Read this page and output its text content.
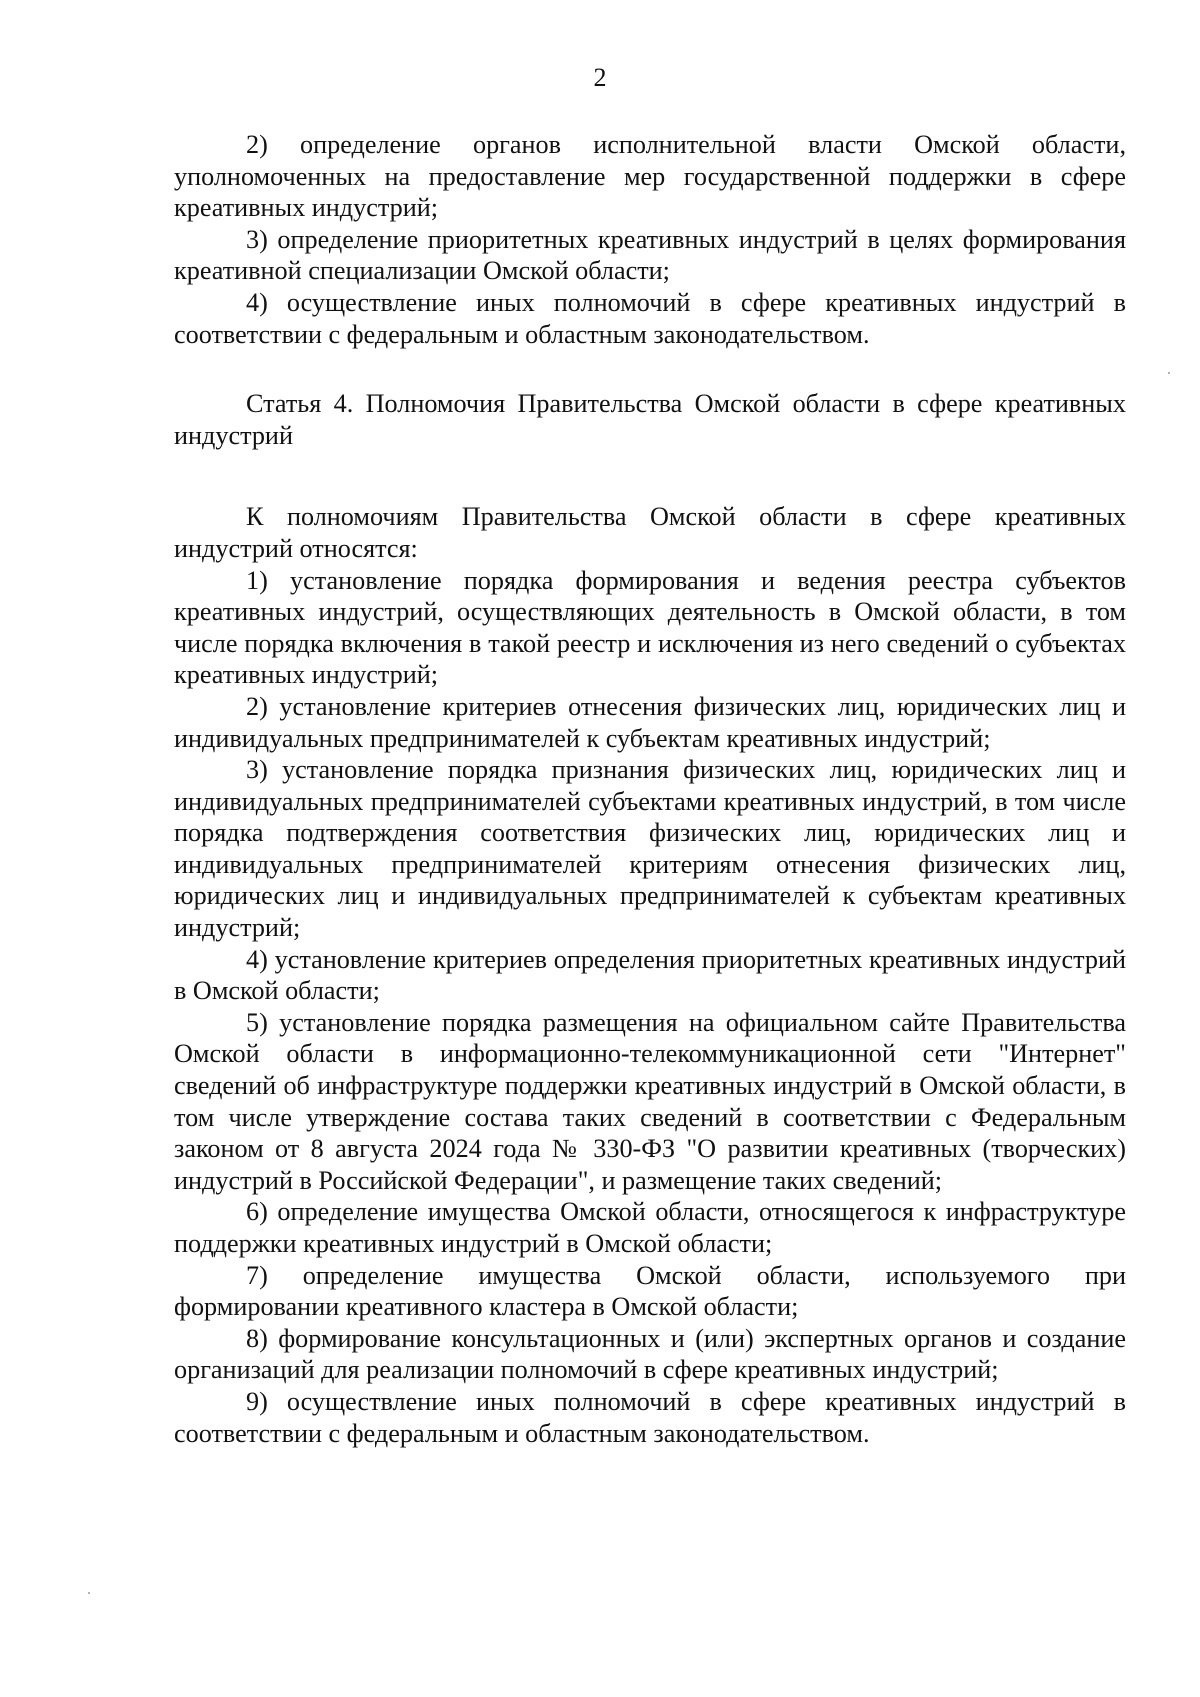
2

2) определение органов исполнительной власти Омской области, уполномоченных на предоставление мер государственной поддержки в сфере креативных индустрий;

3) определение приоритетных креативных индустрий в целях формирования креативной специализации Омской области;

4) осуществление иных полномочий в сфере креативных индустрий в соответствии с федеральным и областным законодательством.

Статья 4. Полномочия Правительства Омской области в сфере креативных индустрий

К полномочиям Правительства Омской области в сфере креативных индустрий относятся:

1) установление порядка формирования и ведения реестра субъектов креативных индустрий, осуществляющих деятельность в Омской области, в том числе порядка включения в такой реестр и исключения из него сведений о субъектах креативных индустрий;

2) установление критериев отнесения физических лиц, юридических лиц и индивидуальных предпринимателей к субъектам креативных индустрий;

3) установление порядка признания физических лиц, юридических лиц и индивидуальных предпринимателей субъектами креативных индустрий, в том числе порядка подтверждения соответствия физических лиц, юридических лиц и индивидуальных предпринимателей критериям отнесения физических лиц, юридических лиц и индивидуальных предпринимателей к субъектам креативных индустрий;

4) установление критериев определения приоритетных креативных индустрий в Омской области;

5) установление порядка размещения на официальном сайте Правительства Омской области в информационно-телекоммуникационной сети "Интернет" сведений об инфраструктуре поддержки креативных индустрий в Омской области, в том числе утверждение состава таких сведений в соответствии с Федеральным законом от 8 августа 2024 года № 330-ФЗ "О развитии креативных (творческих) индустрий в Российской Федерации", и размещение таких сведений;

6) определение имущества Омской области, относящегося к инфраструктуре поддержки креативных индустрий в Омской области;

7) определение имущества Омской области, используемого при формировании креативного кластера в Омской области;

8) формирование консультационных и (или) экспертных органов и создание организаций для реализации полномочий в сфере креативных индустрий;

9) осуществление иных полномочий в сфере креативных индустрий в соответствии с федеральным и областным законодательством.
